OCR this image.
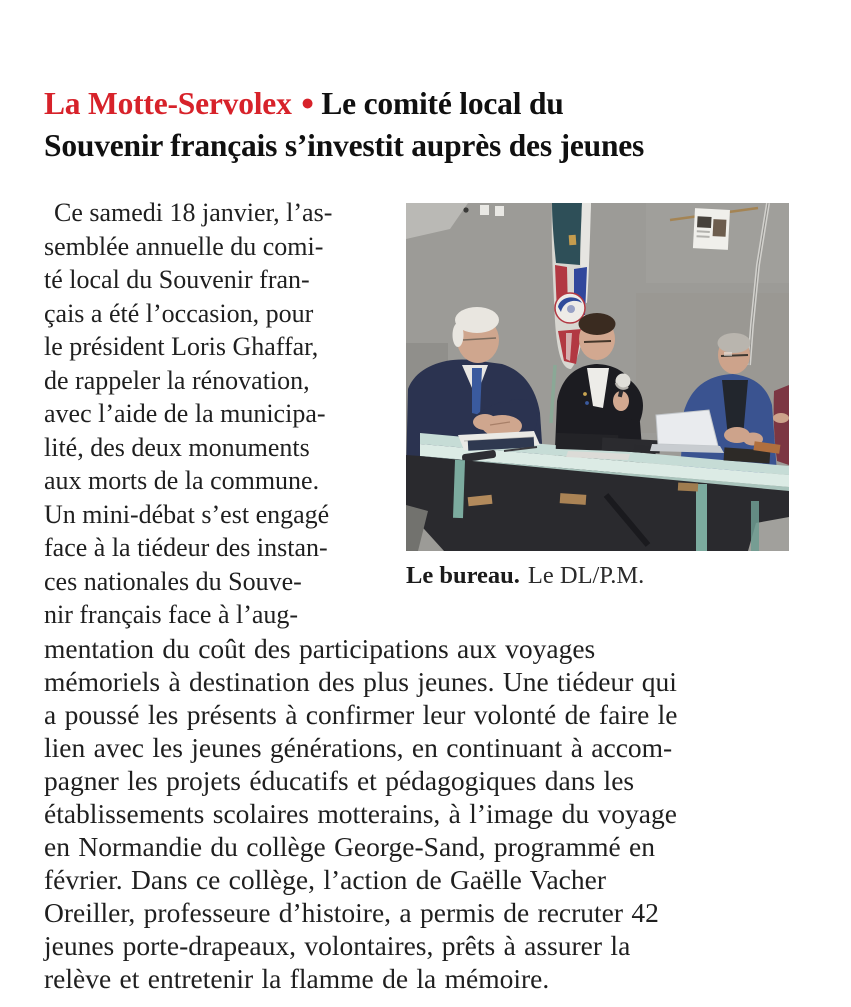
La Motte-Servolex ● Le comité local du
Souvenir français s’investit auprès des jeunes
Ce samedi 18 janvier, l’as-
semblée annuelle du comi-
té local du Souvenir fran-
çais a été l’occasion, pour
le président Loris Ghaffar,
de rappeler la rénovation,
avec l’aide de la municipa-
lité, des deux monuments
aux morts de la commune.
Un mini-débat s’est engagé
face à la tiédeur des instan-
ces nationales du Souve-
nir français face à l’aug-
Le bureau. Le DL/P.M.
mentation du coût des participations aux voyages
mémoriels à destination des plus jeunes. Une tiédeur qui
a poussé les présents à confirmer leur volonté de faire le
lien avec les jeunes générations, en continuant à accom-
pagner les projets éducatifs et pédagogiques dans les
établissements scolaires motterains, à l’image du voyage
en Normandie du collège George-Sand, programmé en
février. Dans ce collège, l’action de Gaëlle Vacher
Oreiller, professeure d’histoire, a permis de recruter 42
jeunes porte-drapeaux, volontaires, prêts à assurer la
relève et entretenir la flamme de la mémoire.
